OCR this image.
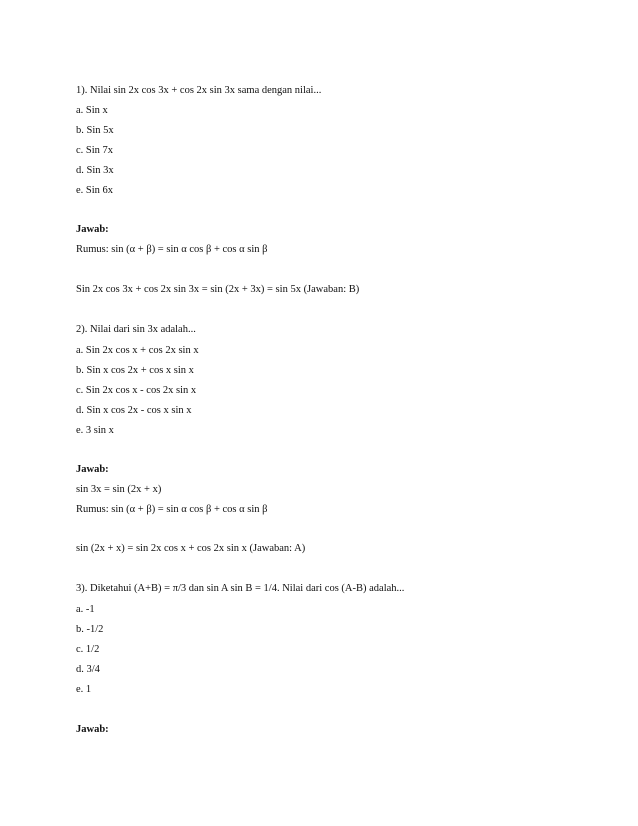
1). Nilai sin 2x cos 3x + cos 2x sin 3x sama dengan nilai...
a. Sin x
b. Sin 5x
c. Sin 7x
d. Sin 3x
e. Sin 6x
Jawab:
Rumus: sin (α + β) = sin α cos β + cos α sin β
Sin 2x cos 3x + cos 2x sin 3x = sin (2x + 3x) = sin 5x (Jawaban: B)
2). Nilai dari sin 3x adalah...
a. Sin 2x cos x + cos 2x sin x
b. Sin x cos 2x + cos x sin x
c. Sin 2x cos x - cos 2x sin x
d. Sin x cos 2x - cos x sin x
e. 3 sin x
Jawab:
sin 3x = sin (2x + x)
Rumus: sin (α + β) = sin α cos β + cos α sin β
sin (2x + x) = sin 2x cos x + cos 2x sin x (Jawaban: A)
3). Diketahui (A+B) = π/3 dan sin A sin B = 1/4. Nilai dari cos (A-B) adalah...
a. -1
b. -1/2
c. 1/2
d. 3/4
e. 1
Jawab:
